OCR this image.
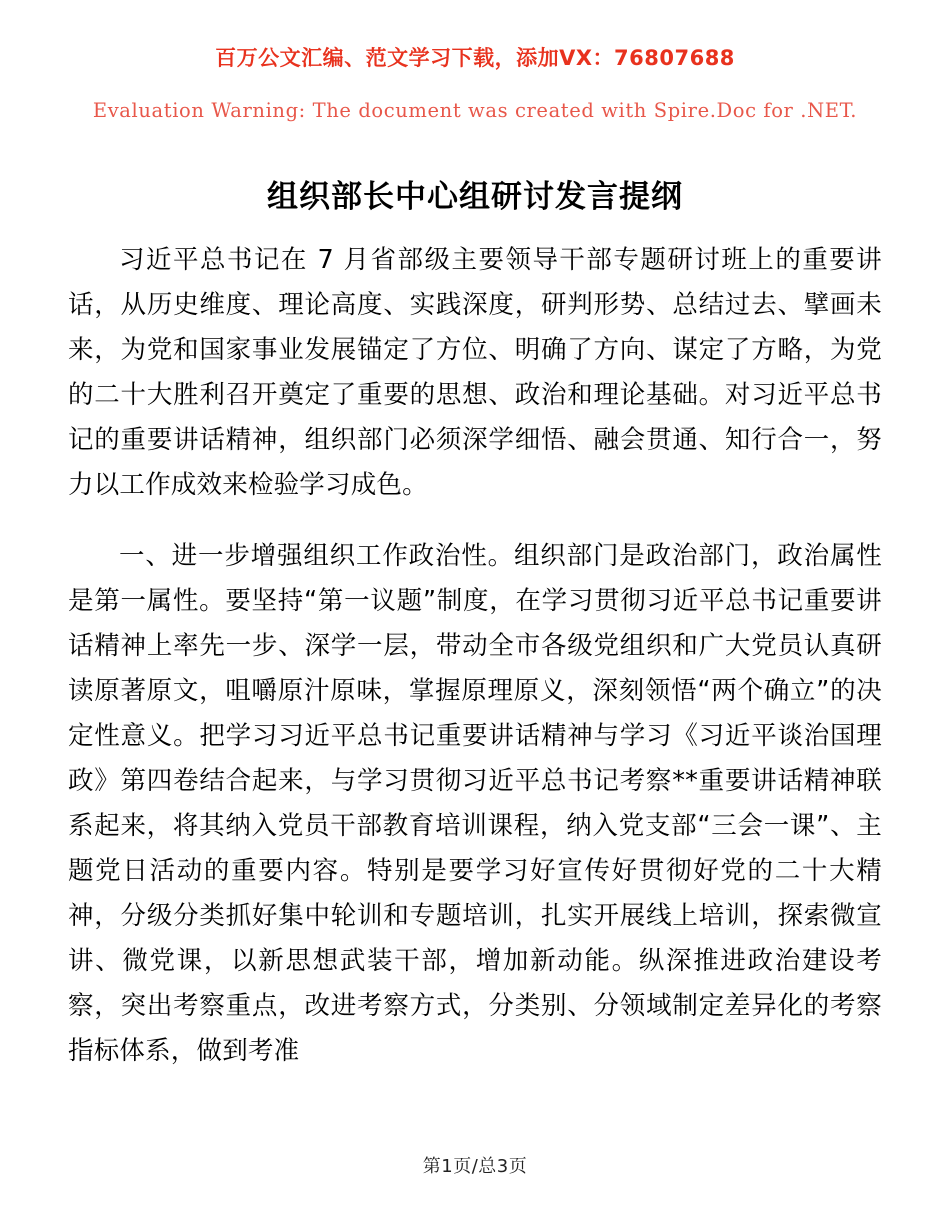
百万公文汇编、范文学习下载，添加VX：76807688
Evaluation Warning: The document was created with Spire.Doc for .NET.
组织部长中心组研讨发言提纲

习近平总书记在 7 月省部级主要领导干部专题研讨班上的重要讲话，从历史维度、理论高度、实践深度，研判形势、总结过去、擘画未来，为党和国家事业发展锚定了方位、明确了方向、谋定了方略，为党的二十大胜利召开奠定了重要的思想、政治和理论基础。对习近平总书记的重要讲话精神，组织部门必须深学细悟、融会贯通、知行合一，努力以工作成效来检验学习成色。

一、进一步增强组织工作政治性。组织部门是政治部门，政治属性是第一属性。要坚持“第一议题”制度，在学习贯彻习近平总书记重要讲话精神上率先一步、深学一层，带动全市各级党组织和广大党员认真研读原著原文，咀嚼原汁原味，掌握原理原义，深刻领悟“两个确立”的决定性意义。把学习习近平总书记重要讲话精神与学习《习近平谈治国理政》第四卷结合起来，与学习贯彻习近平总书记考察**重要讲话精神联系起来，将其纳入党员干部教育培训课程，纳入党支部“三会一课”、主题党日活动的重要内容。特别是要学习好宣传好贯彻好党的二十大精神，分级分类抓好集中轮训和专题培训，扎实开展线上培训，探索微宣讲、微党课，以新思想武装干部，增加新动能。纵深推进政治建设考察，突出考察重点，改进考察方式，分类别、分领域制定差异化的考察指标体系，做到考准

第1页/总3页
